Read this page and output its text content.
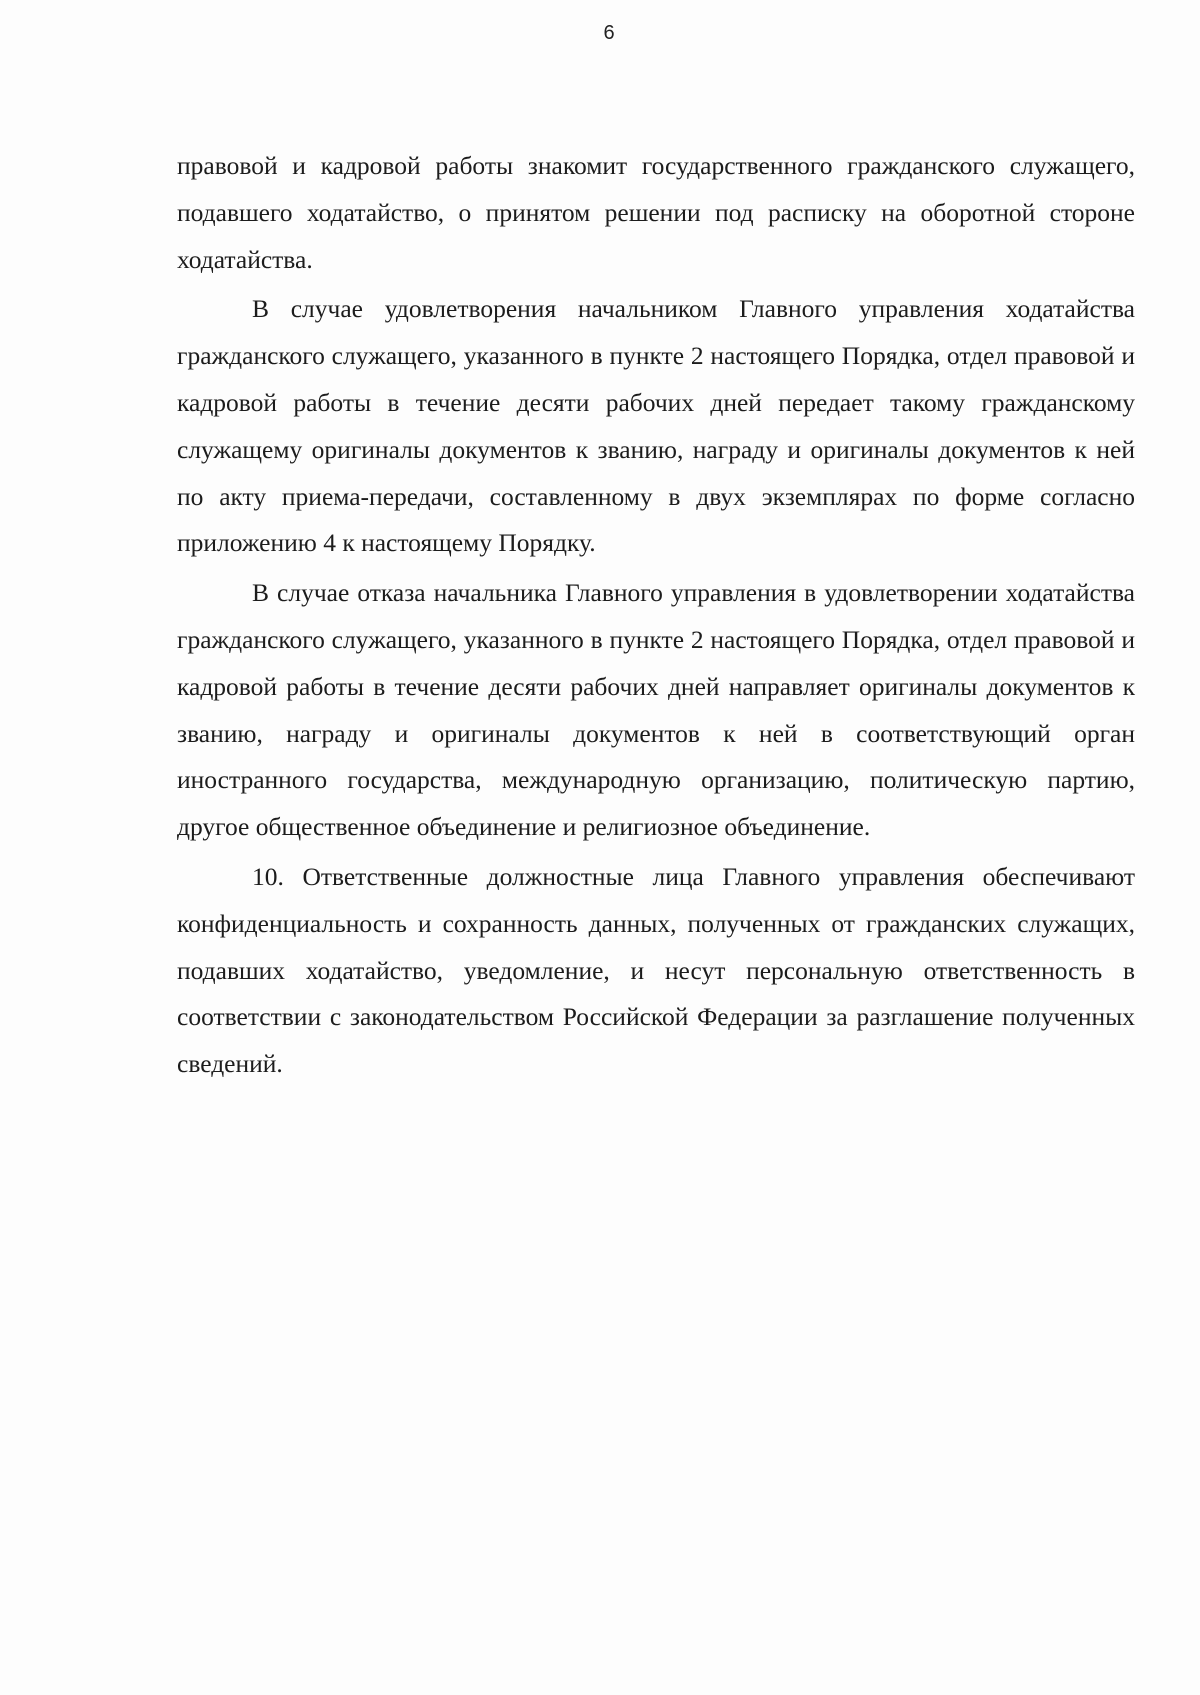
6

правовой и кадровой работы знакомит государственного гражданского служащего, подавшего ходатайство, о принятом решении под расписку на оборотной стороне ходатайства.

В случае удовлетворения начальником Главного управления ходатайства гражданского служащего, указанного в пункте 2 настоящего Порядка, отдел правовой и кадровой работы в течение десяти рабочих дней передает такому гражданскому служащему оригиналы документов к званию, награду и оригиналы документов к ней по акту приема-передачи, составленному в двух экземплярах по форме согласно приложению 4 к настоящему Порядку.

В случае отказа начальника Главного управления в удовлетворении ходатайства гражданского служащего, указанного в пункте 2 настоящего Порядка, отдел правовой и кадровой работы в течение десяти рабочих дней направляет оригиналы документов к званию, награду и оригиналы документов к ней в соответствующий орган иностранного государства, международную организацию, политическую партию, другое общественное объединение и религиозное объединение.

10. Ответственные должностные лица Главного управления обеспечивают конфиденциальность и сохранность данных, полученных от гражданских служащих, подавших ходатайство, уведомление, и несут персональную ответственность в соответствии с законодательством Российской Федерации за разглашение полученных сведений.
